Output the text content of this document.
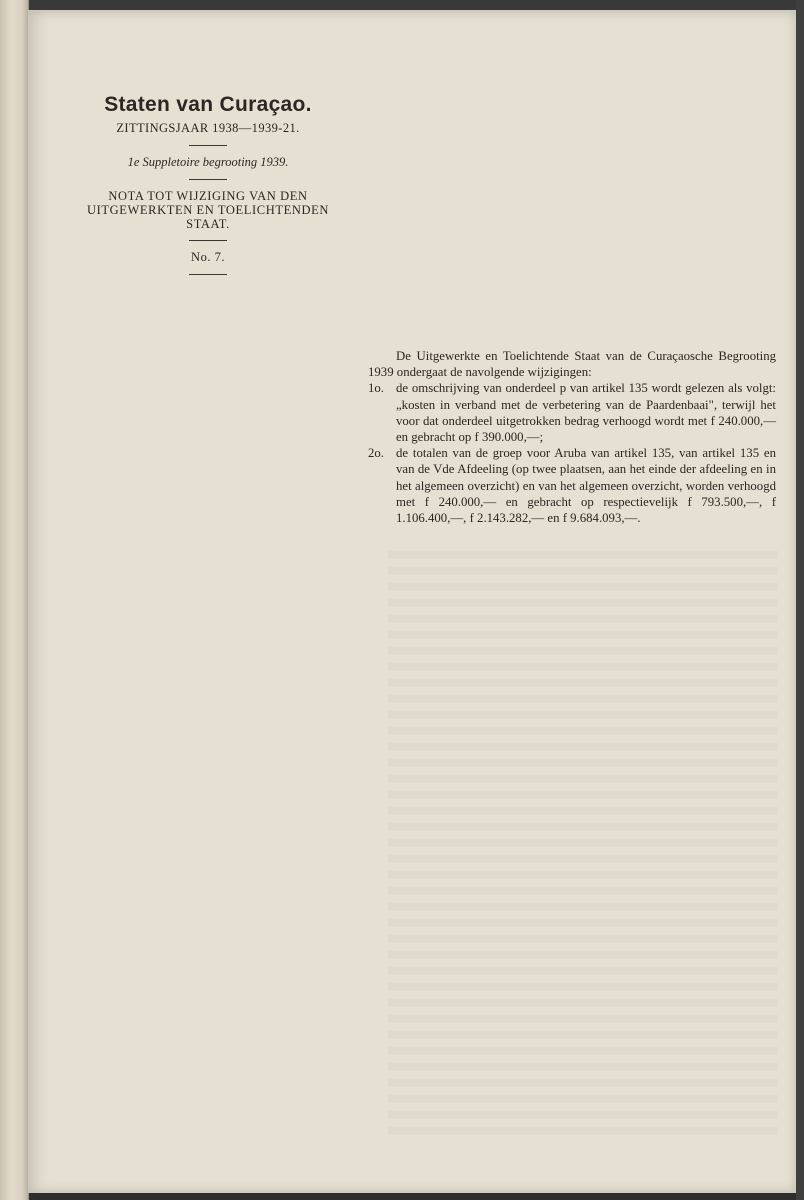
Staten van Curaçao.

ZITTINGSJAAR 1938—1939-21.

1e Suppletoire begrooting 1939.

NOTA TOT WIJZIGING VAN DEN
UITGEWERKTEN EN TOELICHTENDEN
STAAT.

No. 7.

De Uitgewerkte en Toelichtende Staat van de Curaçaosche Begrooting 1939 ondergaat de navolgende wijzigingen:

1o. de omschrijving van onderdeel p van artikel 135 wordt gelezen als volgt: „kosten in verband met de verbetering van de Paardenbaai", terwijl het voor dat onderdeel uitgetrokken bedrag verhoogd wordt met f 240.000,— en gebracht op f 390.000,—;

2o. de totalen van de groep voor Aruba van artikel 135, van artikel 135 en van de Vde Afdeeling (op twee plaatsen, aan het einde der afdeeling en in het algemeen overzicht) en van het algemeen overzicht, worden verhoogd met f 240.000,— en gebracht op respectievelijk f 793.500,—, f 1.106.400,—, f 2.143.282,— en f 9.684.093,—.
